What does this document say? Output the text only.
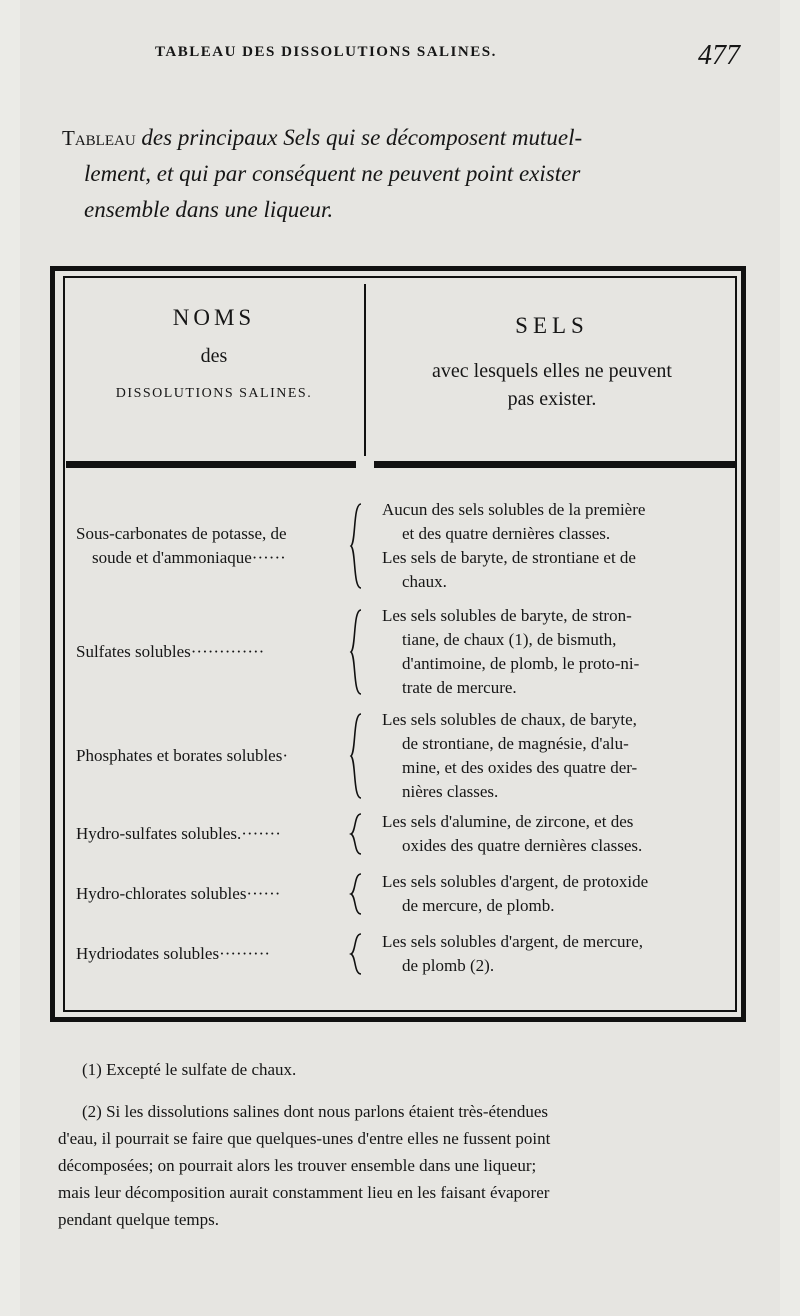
TABLEAU DES DISSOLUTIONS SALINES.	477
Tableau des principaux Sels qui se décomposent mutuel-
lement, et qui par conséquent ne peuvent point exister
ensemble dans une liqueur.
NOMS
des
DISSOLUTIONS SALINES.
SELS
avec lesquels elles ne peuvent
pas exister.
Sous-carbonates de potasse, de
soude et d'ammoniaque······
Aucun des sels solubles de la première
et des quatre dernières classes.
Les sels de baryte, de strontiane et de
chaux.
Sulfates solubles·············
Les sels solubles de baryte, de stron-
tiane, de chaux (1), de bismuth,
d'antimoine, de plomb, le proto-ni-
trate de mercure.
Phosphates et borates solubles·
Les sels solubles de chaux, de baryte,
de strontiane, de magnésie, d'alu-
mine, et des oxides des quatre der-
nières classes.
Hydro-sulfates solubles.·······
Les sels d'alumine, de zircone, et des
oxides des quatre dernières classes.
Hydro-chlorates solubles······
Les sels solubles d'argent, de protoxide
de mercure, de plomb.
Hydriodates solubles·········
Les sels solubles d'argent, de mercure,
de plomb (2).
(1) Excepté le sulfate de chaux.
(2) Si les dissolutions salines dont nous parlons étaient très-étendues
d'eau, il pourrait se faire que quelques-unes d'entre elles ne fussent point
décomposées; on pourrait alors les trouver ensemble dans une liqueur;
mais leur décomposition aurait constamment lieu en les faisant évaporer
pendant quelque temps.
